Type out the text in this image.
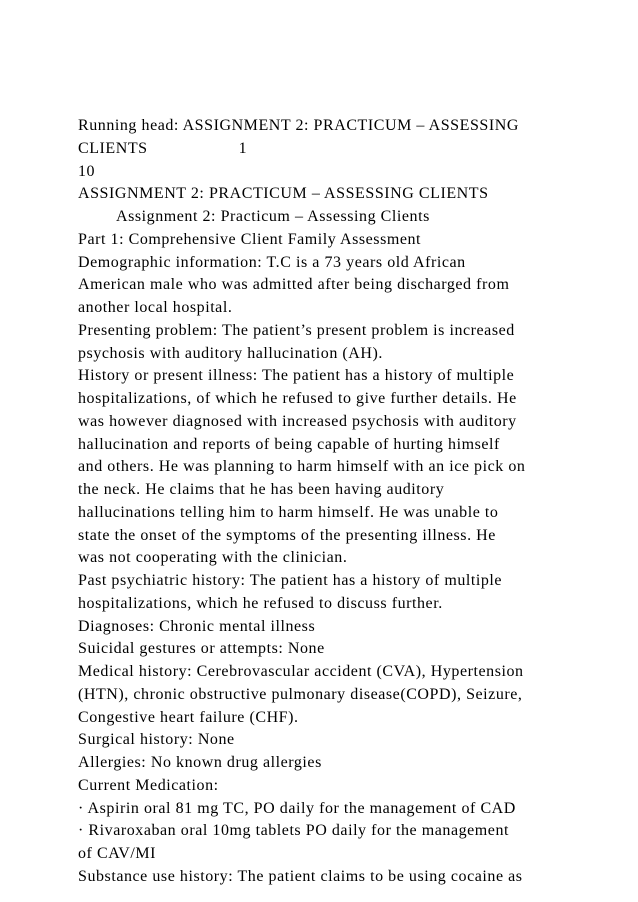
Running head: ASSIGNMENT 2: PRACTICUM – ASSESSING
CLIENTS                    1
10
ASSIGNMENT 2: PRACTICUM – ASSESSING CLIENTS
Assignment 2: Practicum – Assessing Clients
Part 1: Comprehensive Client Family Assessment
Demographic information: T.C is a 73 years old African
American male who was admitted after being discharged from
another local hospital.
Presenting problem: The patient’s present problem is increased
psychosis with auditory hallucination (AH).
History or present illness: The patient has a history of multiple
hospitalizations, of which he refused to give further details. He
was however diagnosed with increased psychosis with auditory
hallucination and reports of being capable of hurting himself
and others. He was planning to harm himself with an ice pick on
the neck. He claims that he has been having auditory
hallucinations telling him to harm himself. He was unable to
state the onset of the symptoms of the presenting illness. He
was not cooperating with the clinician.
Past psychiatric history: The patient has a history of multiple
hospitalizations, which he refused to discuss further.
Diagnoses: Chronic mental illness
Suicidal gestures or attempts: None
Medical history: Cerebrovascular accident (CVA), Hypertension
(HTN), chronic obstructive pulmonary disease(COPD), Seizure,
Congestive heart failure (CHF).
Surgical history: None
Allergies: No known drug allergies
Current Medication:
· Aspirin oral 81 mg TC, PO daily for the management of CAD
· Rivaroxaban oral 10mg tablets PO daily for the management
of CAV/MI
Substance use history: The patient claims to be using cocaine as
